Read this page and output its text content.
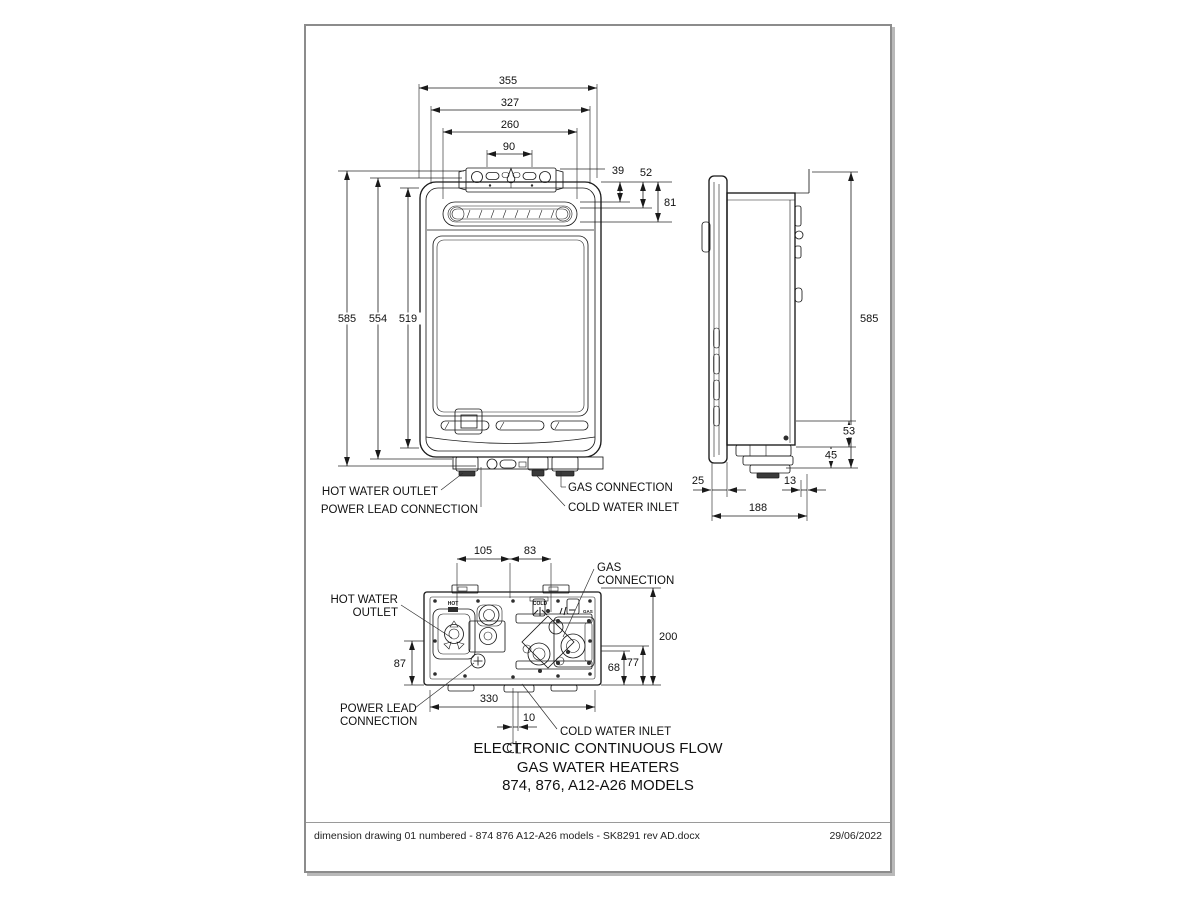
355
327
260
90
585 554 519
39 52
81
HOT WATER OUTLET
POWER LEAD CONNECTION
GAS CONNECTION
COLD WATER INLET
585
53
45
25	13
188
HOT	COLD
GAS
105	83
200
87	68 77
330
10
HOT WATER
OUTLET
GAS
CONNECTION
POWER LEAD
CONNECTION
COLD WATER INLET
ELECTRONIC CONTINUOUS FLOW
GAS WATER HEATERS
874, 876, A12-A26 MODELS
dimension drawing 01 numbered - 874 876 A12-A26 models - SK8291 rev AD.docx	29/06/2022
